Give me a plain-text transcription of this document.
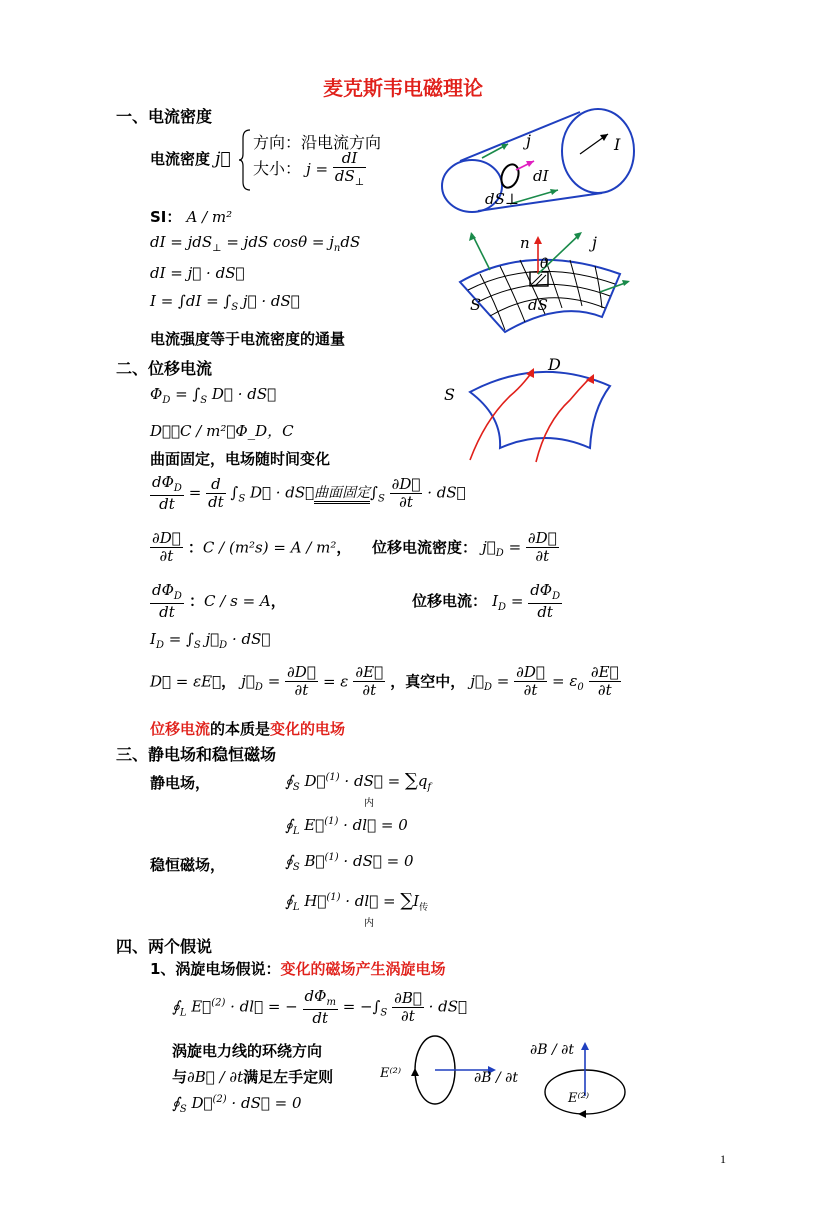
麦克斯韦电磁理论
一、电流密度
电流密度 j⃗
方向：沿电流方向
大小： $j = \frac{dI}{dS_\perp}$
SI： A / m²
dI = jdS$_\perp$ = jdS $\cos\theta = j_ndS$
dI = j⃗ · dS⃗
$I = \int dI = \int_S$ j⃗ · dS⃗
电流强度等于电流密度的通量
I
j
dI
dS⊥
n	j
θ
S	dS
二、位移电流
$\Phi_D = \int_S$ D⃗ · dS⃗
D⃗，C / m²；Φ_D，C
曲面固定，电场随时间变化
D
S
$\frac{d\Phi_D}{dt} = \frac{d}{dt} \int_S$ D⃗ · dS⃗曲面固定$\int_S \frac{\partial D⃗}{\partial t}$ · dS⃗
$\frac{\partial D⃗}{\partial t}$ ：C / (m²s) = A / m²， 位移电流密度： $j⃗_D = \frac{\partial D⃗}{\partial t}$
$\frac{d\Phi_D}{dt}$ ：C / s = A，	位移电流： $I_D = \frac{d\Phi_D}{dt}$
$I_D = \int_S$ $j⃗_D$ · dS⃗
D⃗ = εE⃗， $j⃗_D = \frac{\partial D⃗}{\partial t} = \varepsilon \frac{\partial E⃗}{\partial t}$ ，真空中， $j⃗_D = \frac{\partial D⃗}{\partial t} = \varepsilon_0 \frac{\partial E⃗}{\partial t}$
位移电流的本质是变化的电场
三、静电场和稳恒磁场
静电场，	$∮_S$ D⃗$^{(1)}$ · dS⃗ = $\sum q_f$
内
$∮_L$ E⃗$^{(1)}$ · dl⃗ = 0
稳恒磁场，	$∮_S$ B⃗$^{(1)}$ · dS⃗ = 0
$∮_L$ H⃗$^{(1)}$ · dl⃗ = $\sum I_传$
内
四、两个假说
1、涡旋电场假说：变化的磁场产生涡旋电场
$∮_L$ E⃗$^{(2)}$ · dl⃗ = − $\frac{d\Phi_m}{dt} = -\int_S \frac{\partial B⃗}{\partial t}$ · dS⃗
涡旋电力线的环绕方向
与∂B⃗ / ∂t满足左手定则
$∮_S$ D⃗$^{(2)}$ · dS⃗ = 0
E⁽²⁾	∂B / ∂t
∂B / ∂t
E⁽²⁾
1
